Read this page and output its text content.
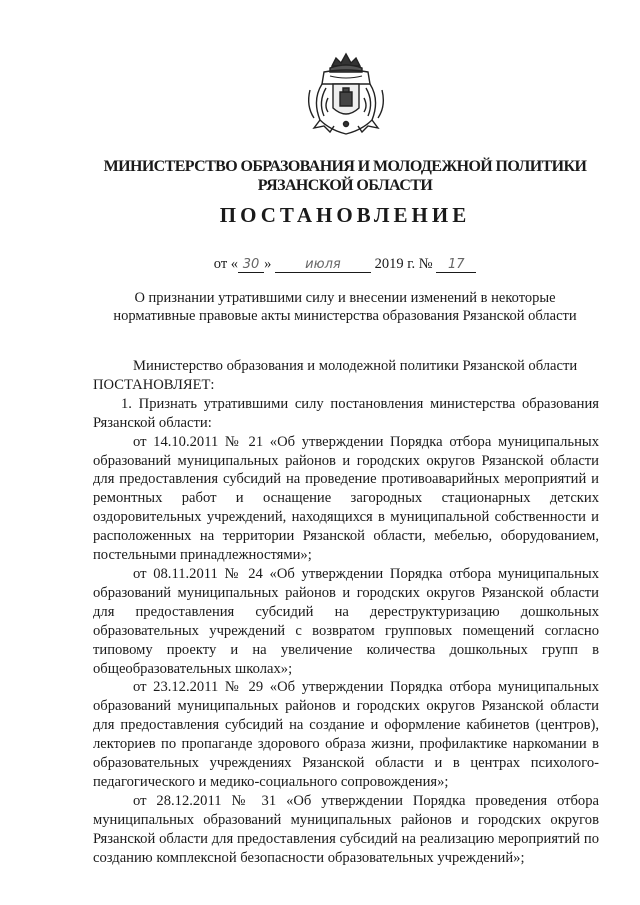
МИНИСТЕРСТВО ОБРАЗОВАНИЯ И МОЛОДЕЖНОЙ ПОЛИТИКИ
РЯЗАНСКОЙ ОБЛАСТИ
ПОСТАНОВЛЕНИЕ
от « 30 »	июля 2019 г. № 17
О признании утратившими силу и внесении изменений в некоторые
нормативные правовые акты министерства образования Рязанской области

Министерство образования и молодежной политики Рязанской области

ПОСТАНОВЛЯЕТ:

1. Признать утратившими силу постановления министерства образования Рязанской области:

от 14.10.2011 № 21 «Об утверждении Порядка отбора муниципальных образований муниципальных районов и городских округов Рязанской области для предоставления субсидий на проведение противоаварийных мероприятий и ремонтных работ и оснащение загородных стационарных детских оздоровительных учреждений, находящихся в муниципальной собственности и расположенных на территории Рязанской области, мебелью, оборудованием, постельными принадлежностями»;

от 08.11.2011 № 24 «Об утверждении Порядка отбора муниципальных образований муниципальных районов и городских округов Рязанской области для предоставления субсидий на дереструктуризацию дошкольных образовательных учреждений с возвратом групповых помещений согласно типовому проекту и на увеличение количества дошкольных групп в общеобразовательных школах»;

от 23.12.2011 № 29 «Об утверждении Порядка отбора муниципальных образований муниципальных районов и городских округов Рязанской области для предоставления субсидий на создание и оформление кабинетов (центров), лекториев по пропаганде здорового образа жизни, профилактике наркомании в образовательных учреждениях Рязанской области и в центрах психолого-педагогического и медико-социального сопровождения»;

от 28.12.2011 № 31 «Об утверждении Порядка проведения отбора муниципальных образований муниципальных районов и городских округов Рязанской области для предоставления субсидий на реализацию мероприятий по созданию комплексной безопасности образовательных учреждений»;
